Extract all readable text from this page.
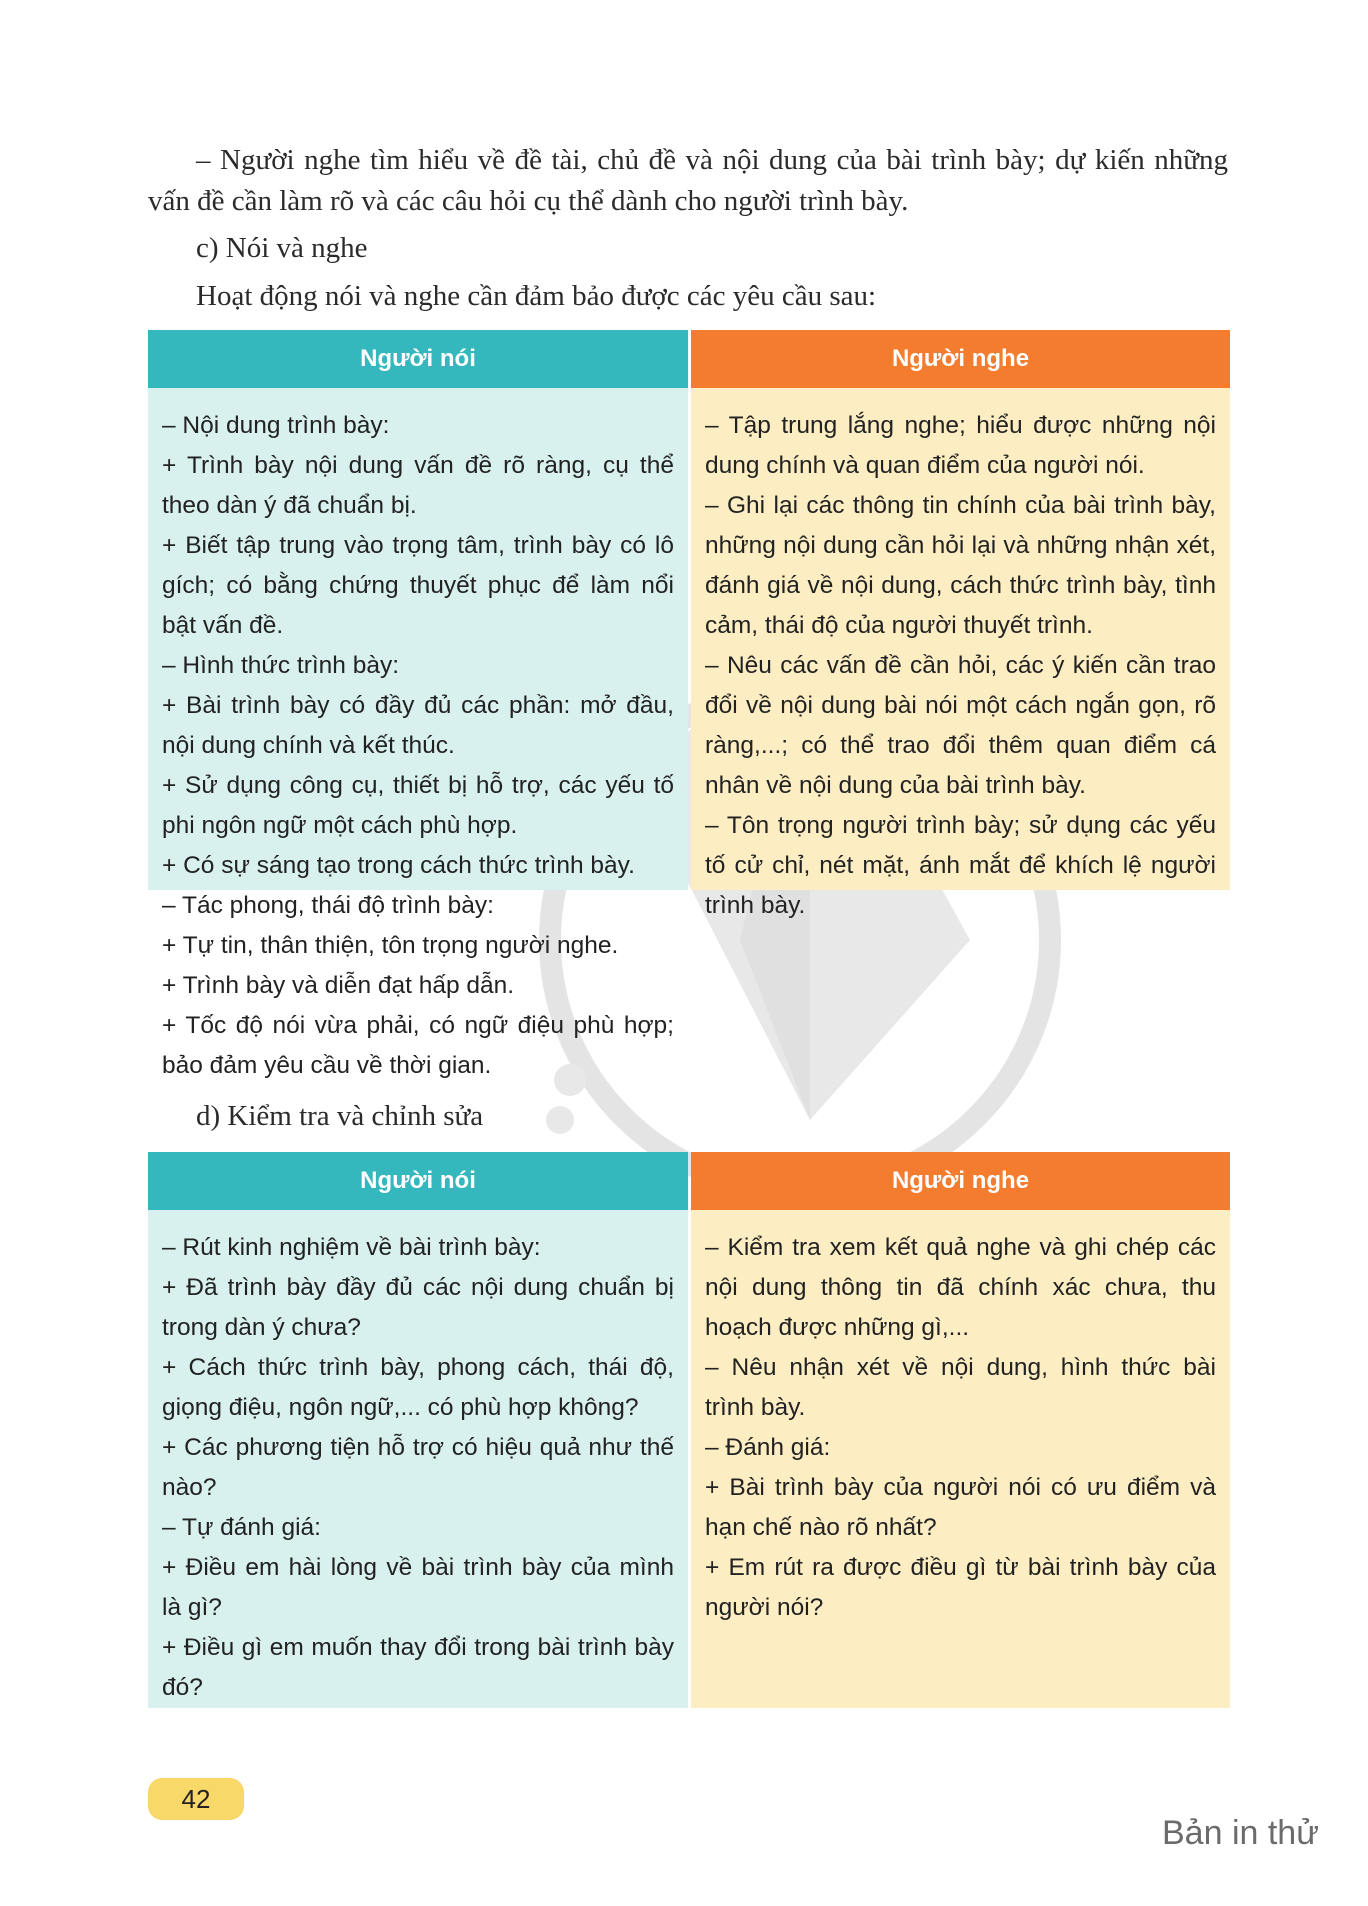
– Người nghe tìm hiểu về đề tài, chủ đề và nội dung của bài trình bày; dự kiến những vấn đề cần làm rõ và các câu hỏi cụ thể dành cho người trình bày.
c) Nói và nghe
Hoạt động nói và nghe cần đảm bảo được các yêu cầu sau:
Người nói	Người nghe
– Nội dung trình bày:
+ Trình bày nội dung vấn đề rõ ràng, cụ thể theo dàn ý đã chuẩn bị.
+ Biết tập trung vào trọng tâm, trình bày có lô gích; có bằng chứng thuyết phục để làm nổi bật vấn đề.
– Hình thức trình bày:
+ Bài trình bày có đầy đủ các phần: mở đầu, nội dung chính và kết thúc.
+ Sử dụng công cụ, thiết bị hỗ trợ, các yếu tố phi ngôn ngữ một cách phù hợp.
+ Có sự sáng tạo trong cách thức trình bày.
– Tác phong, thái độ trình bày:
+ Tự tin, thân thiện, tôn trọng người nghe.
+ Trình bày và diễn đạt hấp dẫn.
+ Tốc độ nói vừa phải, có ngữ điệu phù hợp; bảo đảm yêu cầu về thời gian.
– Tập trung lắng nghe; hiểu được những nội dung chính và quan điểm của người nói.
– Ghi lại các thông tin chính của bài trình bày, những nội dung cần hỏi lại và những nhận xét, đánh giá về nội dung, cách thức trình bày, tình cảm, thái độ của người thuyết trình.
– Nêu các vấn đề cần hỏi, các ý kiến cần trao đổi về nội dung bài nói một cách ngắn gọn, rõ ràng,...; có thể trao đổi thêm quan điểm cá nhân về nội dung của bài trình bày.
– Tôn trọng người trình bày; sử dụng các yếu tố cử chỉ, nét mặt, ánh mắt để khích lệ người trình bày.
d) Kiểm tra và chỉnh sửa
Người nói	Người nghe
– Rút kinh nghiệm về bài trình bày:
+ Đã trình bày đầy đủ các nội dung chuẩn bị trong dàn ý chưa?
+ Cách thức trình bày, phong cách, thái độ, giọng điệu, ngôn ngữ,... có phù hợp không?
+ Các phương tiện hỗ trợ có hiệu quả như thế nào?
– Tự đánh giá:
+ Điều em hài lòng về bài trình bày của mình là gì?
+ Điều gì em muốn thay đổi trong bài trình bày đó?
– Kiểm tra xem kết quả nghe và ghi chép các nội dung thông tin đã chính xác chưa, thu hoạch được những gì,...
– Nêu nhận xét về nội dung, hình thức bài trình bày.
– Đánh giá:
+ Bài trình bày của người nói có ưu điểm và hạn chế nào rõ nhất?
+ Em rút ra được điều gì từ bài trình bày của người nói?
42
Bản in thử
